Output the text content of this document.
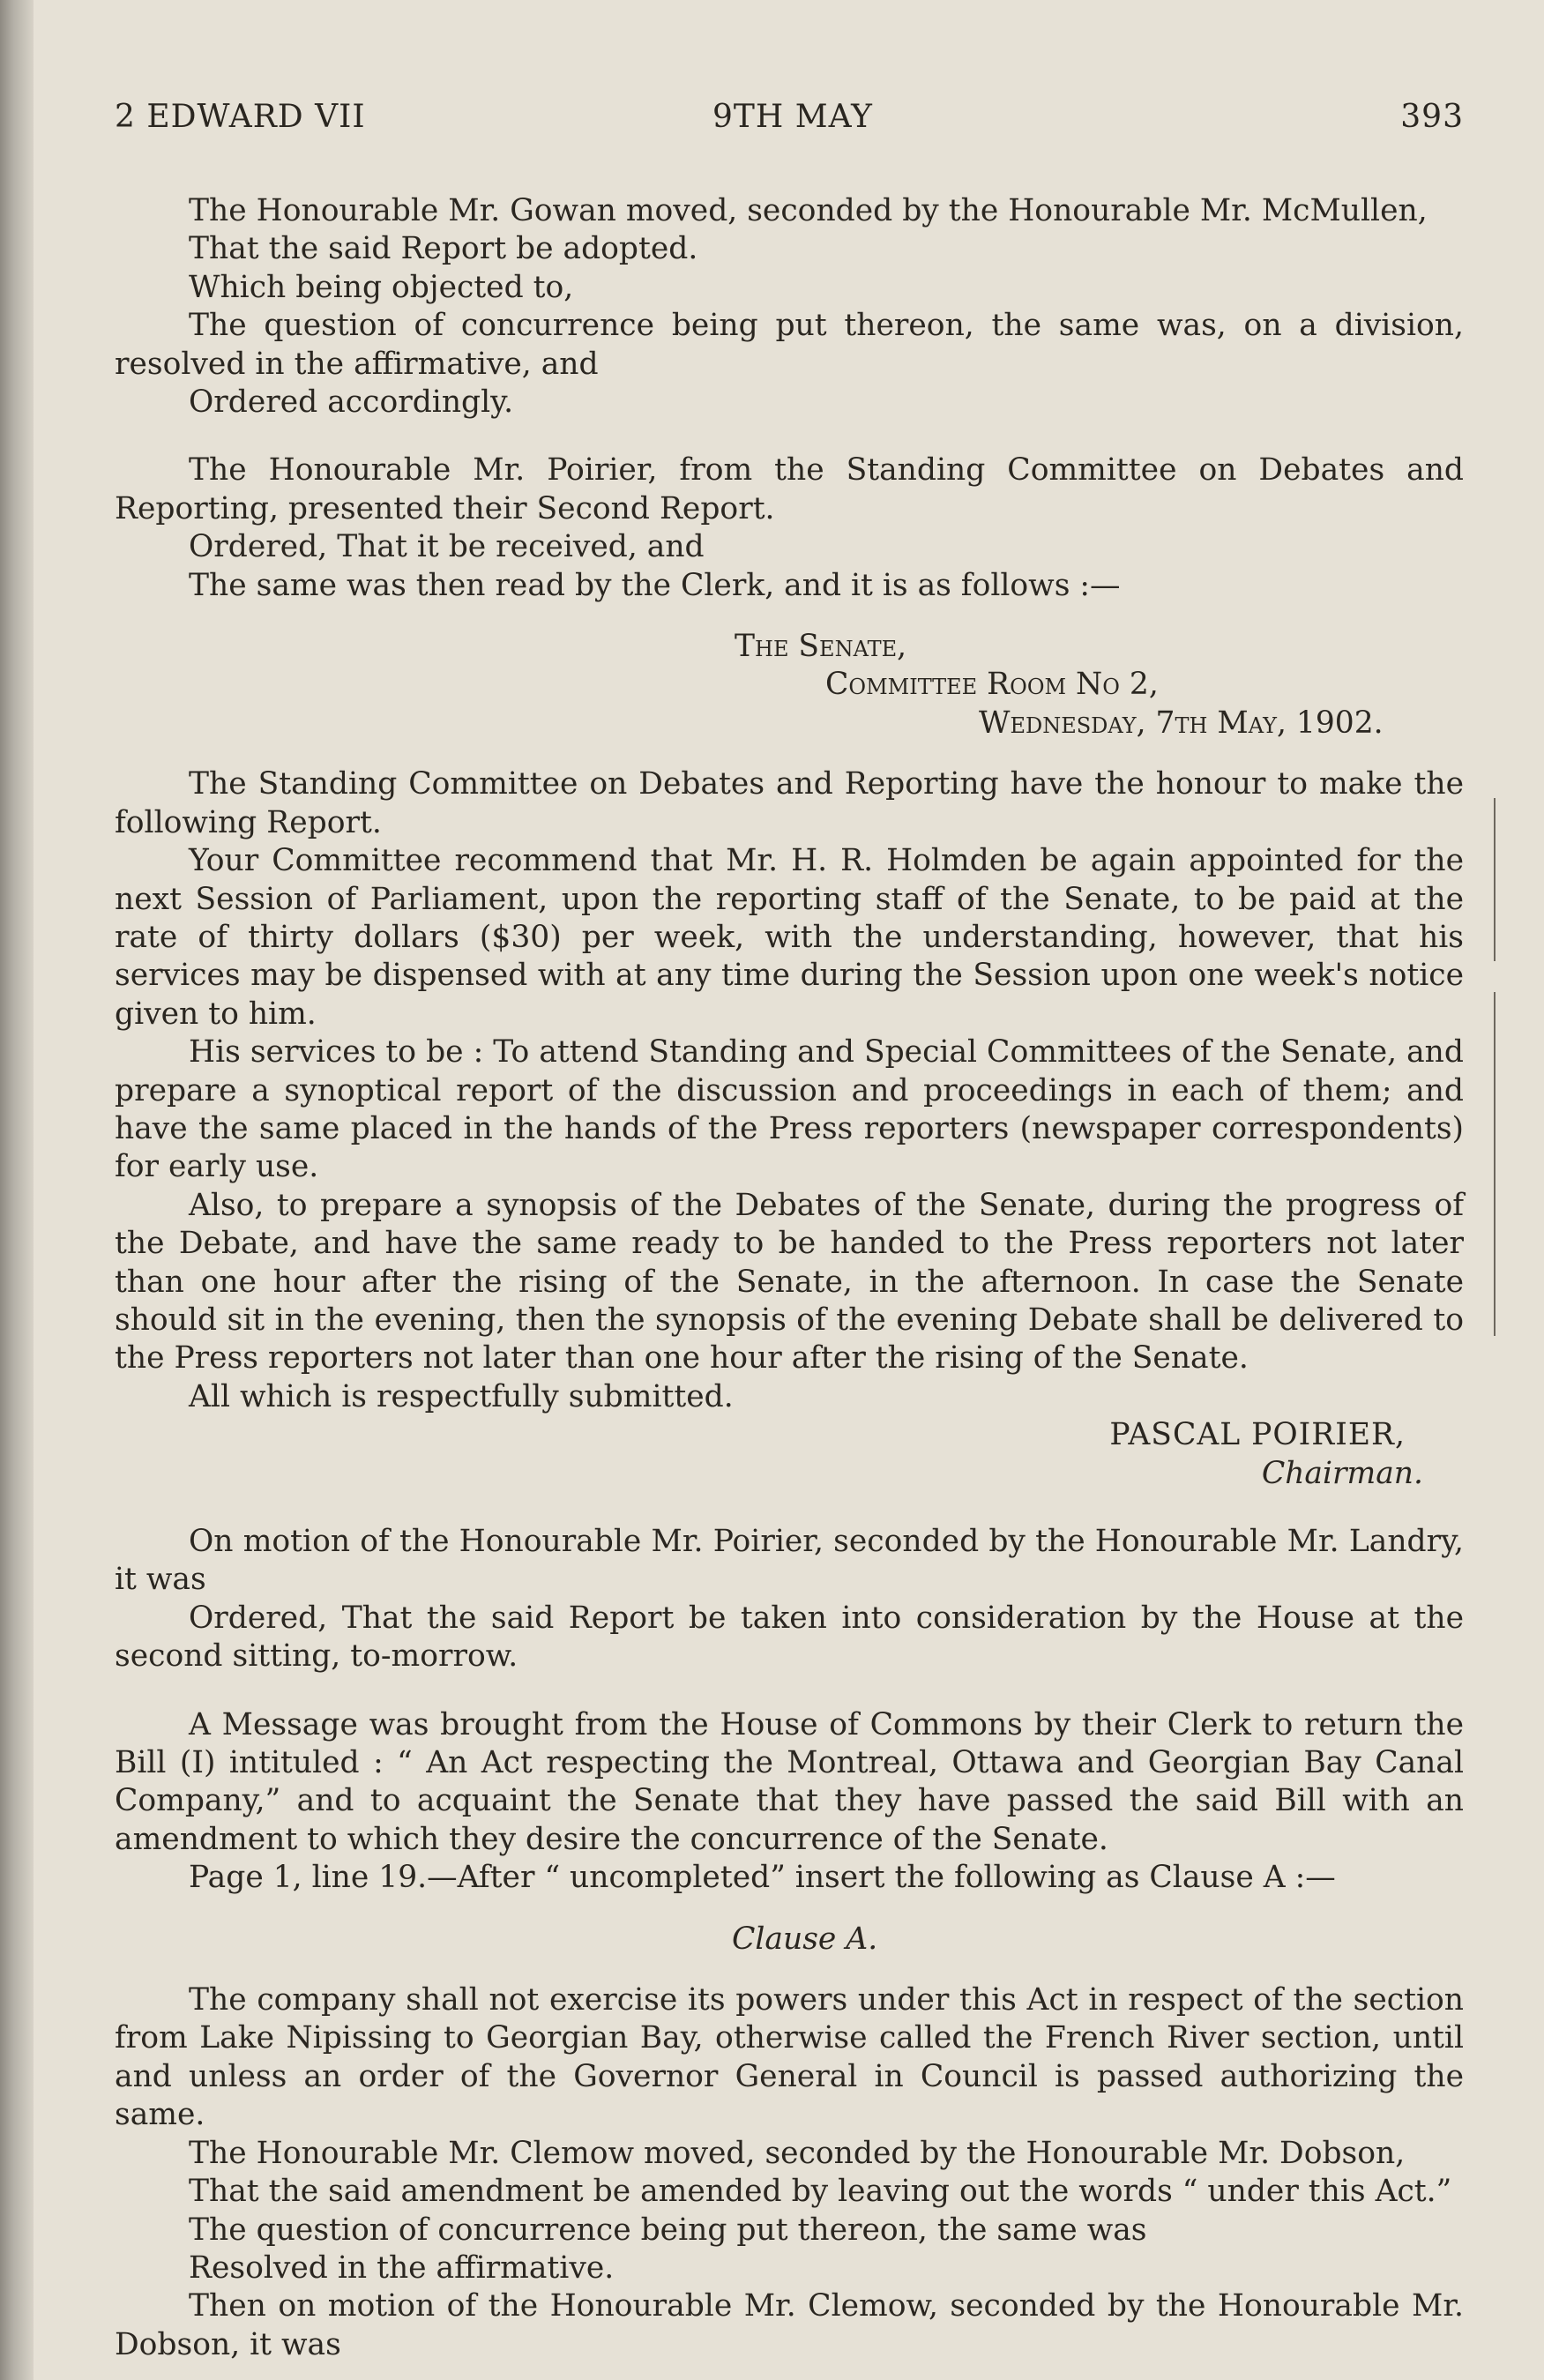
2 EDWARD VII	9TH MAY	393

The Honourable Mr. Gowan moved, seconded by the Honourable Mr. McMullen,

That the said Report be adopted.

Which being objected to,

The question of concurrence being put thereon, the same was, on a division, resolved in the affirmative, and

Ordered accordingly.

The Honourable Mr. Poirier, from the Standing Committee on Debates and Reporting, presented their Second Report.

Ordered, That it be received, and

The same was then read by the Clerk, and it is as follows :—

The Senate,

Committee Room No 2,

Wednesday, 7th May, 1902.

The Standing Committee on Debates and Reporting have the honour to make the following Report.

Your Committee recommend that Mr. H. R. Holmden be again appointed for the next Session of Parliament, upon the reporting staff of the Senate, to be paid at the rate of thirty dollars ($30) per week, with the understanding, however, that his services may be dispensed with at any time during the Session upon one week's notice given to him.

His services to be : To attend Standing and Special Committees of the Senate, and prepare a synoptical report of the discussion and proceedings in each of them; and have the same placed in the hands of the Press reporters (newspaper correspondents) for early use.

Also, to prepare a synopsis of the Debates of the Senate, during the progress of the Debate, and have the same ready to be handed to the Press reporters not later than one hour after the rising of the Senate, in the afternoon. In case the Senate should sit in the evening, then the synopsis of the evening Debate shall be delivered to the Press reporters not later than one hour after the rising of the Senate.

All which is respectfully submitted.

PASCAL POIRIER,

Chairman.

On motion of the Honourable Mr. Poirier, seconded by the Honourable Mr. Landry, it was

Ordered, That the said Report be taken into consideration by the House at the second sitting, to-morrow.

A Message was brought from the House of Commons by their Clerk to return the Bill (I) intituled : “ An Act respecting the Montreal, Ottawa and Georgian Bay Canal Company,” and to acquaint the Senate that they have passed the said Bill with an amendment to which they desire the concurrence of the Senate.

Page 1, line 19.—After “ uncompleted” insert the following as Clause A :—

Clause A.

The company shall not exercise its powers under this Act in respect of the section from Lake Nipissing to Georgian Bay, otherwise called the French River section, until and unless an order of the Governor General in Council is passed authorizing the same.

The Honourable Mr. Clemow moved, seconded by the Honourable Mr. Dobson,

That the said amendment be amended by leaving out the words “ under this Act.”

The question of concurrence being put thereon, the same was

Resolved in the affirmative.

Then on motion of the Honourable Mr. Clemow, seconded by the Honourable Mr. Dobson, it was
